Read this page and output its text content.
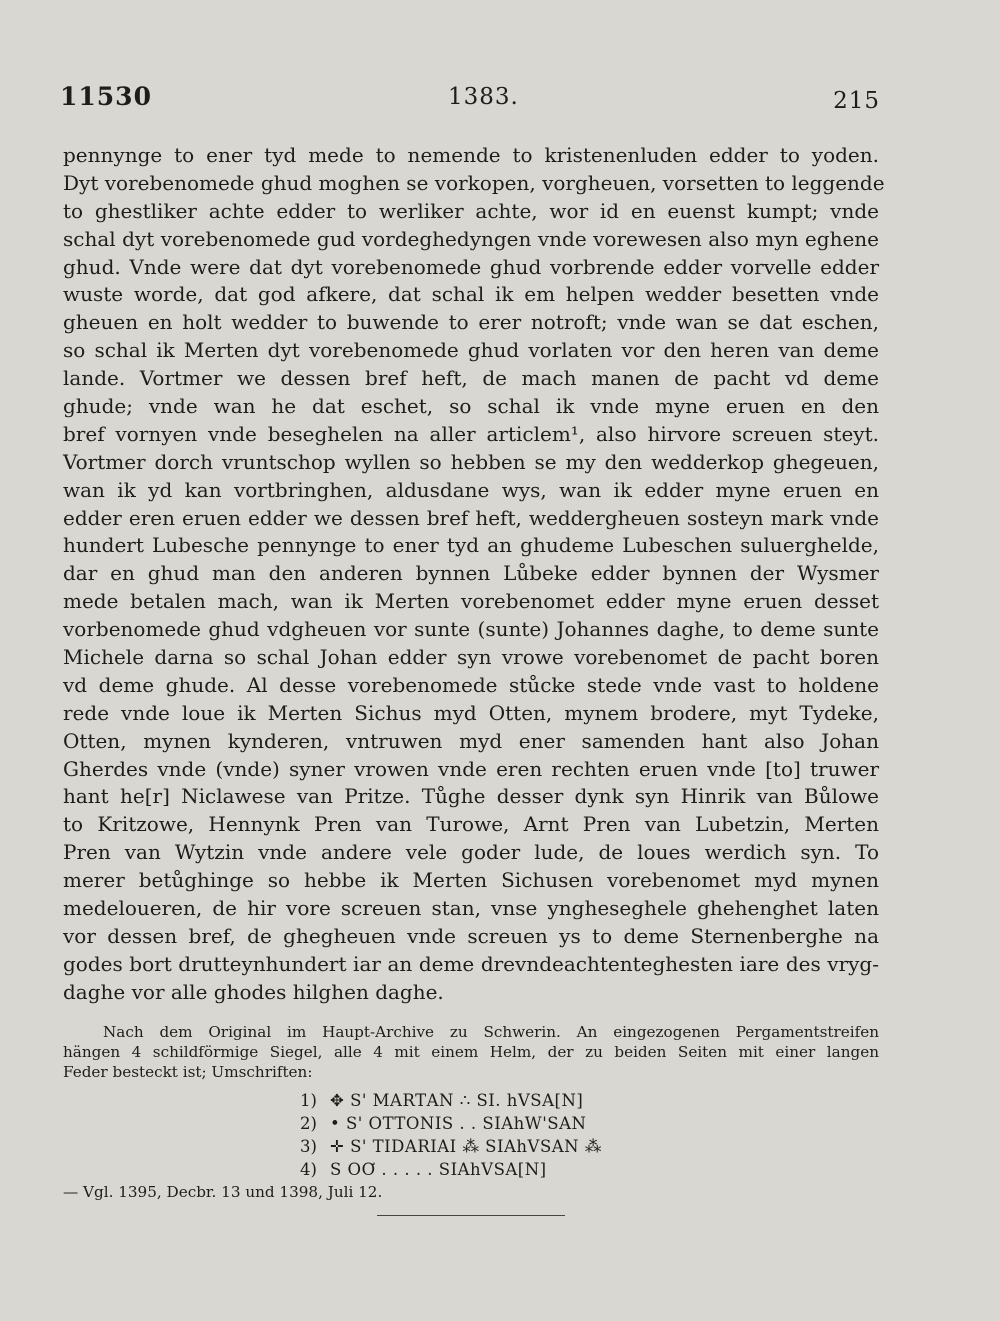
11530	1383.	215
pennynge to ener tyd mede to nemende to kristenenluden edder to yoden.
Dyt vorebenomede ghud moghen se vorkopen, vorgheuen, vorsetten to leggende
to ghestliker achte edder to werliker achte, wor id en euenst kumpt; vnde
schal dyt vorebenomede gud vordeghedyngen vnde vorewesen also myn eghene
ghud. Vnde were dat dyt vorebenomede ghud vorbrende edder vorvelle edder
wuste worde, dat god afkere, dat schal ik em helpen wedder besetten vnde
gheuen en holt wedder to buwende to erer notroft; vnde wan se dat eschen,
so schal ik Merten dyt vorebenomede ghud vorlaten vor den heren van deme
lande. Vortmer we dessen bref heft, de mach manen de pacht vd deme
ghude; vnde wan he dat eschet, so schal ik vnde myne eruen en den
bref vornyen vnde beseghelen na aller articlem¹, also hirvore screuen steyt.
Vortmer dorch vruntschop wyllen so hebben se my den wedderkop ghegeuen,
wan ik yd kan vortbringhen, aldusdane wys, wan ik edder myne eruen en
edder eren eruen edder we dessen bref heft, weddergheuen sosteyn mark vnde
hundert Lubesche pennynge to ener tyd an ghudeme Lubeschen suluerghelde,
dar en ghud man den anderen bynnen Lůbeke edder bynnen der Wysmer
mede betalen mach, wan ik Merten vorebenomet edder myne eruen desset
vorbenomede ghud vdgheuen vor sunte (sunte) Johannes daghe, to deme sunte
Michele darna so schal Johan edder syn vrowe vorebenomet de pacht boren
vd deme ghude. Al desse vorebenomede stůcke stede vnde vast to holdene
rede vnde loue ik Merten Sichus myd Otten, mynem brodere, myt Tydeke,
Otten, mynen kynderen, vntruwen myd ener samenden hant also Johan
Gherdes vnde (vnde) syner vrowen vnde eren rechten eruen vnde [to] truwer
hant he[r] Niclawese van Pritze. Tůghe desser dynk syn Hinrik van Bůlowe
to Kritzowe, Hennynk Pren van Turowe, Arnt Pren van Lubetzin, Merten
Pren van Wytzin vnde andere vele goder lude, de loues werdich syn. To
merer betůghinge so hebbe ik Merten Sichusen vorebenomet myd mynen
medeloueren, de hir vore screuen stan, vnse yngheseghele ghehenghet laten
vor dessen bref, de ghegheuen vnde screuen ys to deme Sternenberghe na
godes bort drutteynhundert iar an deme drevndeachtenteghesten iare des vryg-
daghe vor alle ghodes hilghen daghe.
Nach dem Original im Haupt-Archive zu Schwerin. An eingezogenen Pergamentstreifen
hängen 4 schildförmige Siegel, alle 4 mit einem Helm, der zu beiden Seiten mit einer langen
Feder besteckt ist; Umschriften:
1) ✥ S' ΜΑRTΑΝ ∴ SI. hVSΑ[Ν]
2) • S' OTTONIS . . SIΑhW'SΑΝ
3) ✛ S' TIDΑRIΑI ⁂ SIΑhVSΑΝ ⁂
4) S OƠ . . . . . SIΑhVSΑ[Ν]
— Vgl. 1395, Decbr. 13 und 1398, Juli 12.
